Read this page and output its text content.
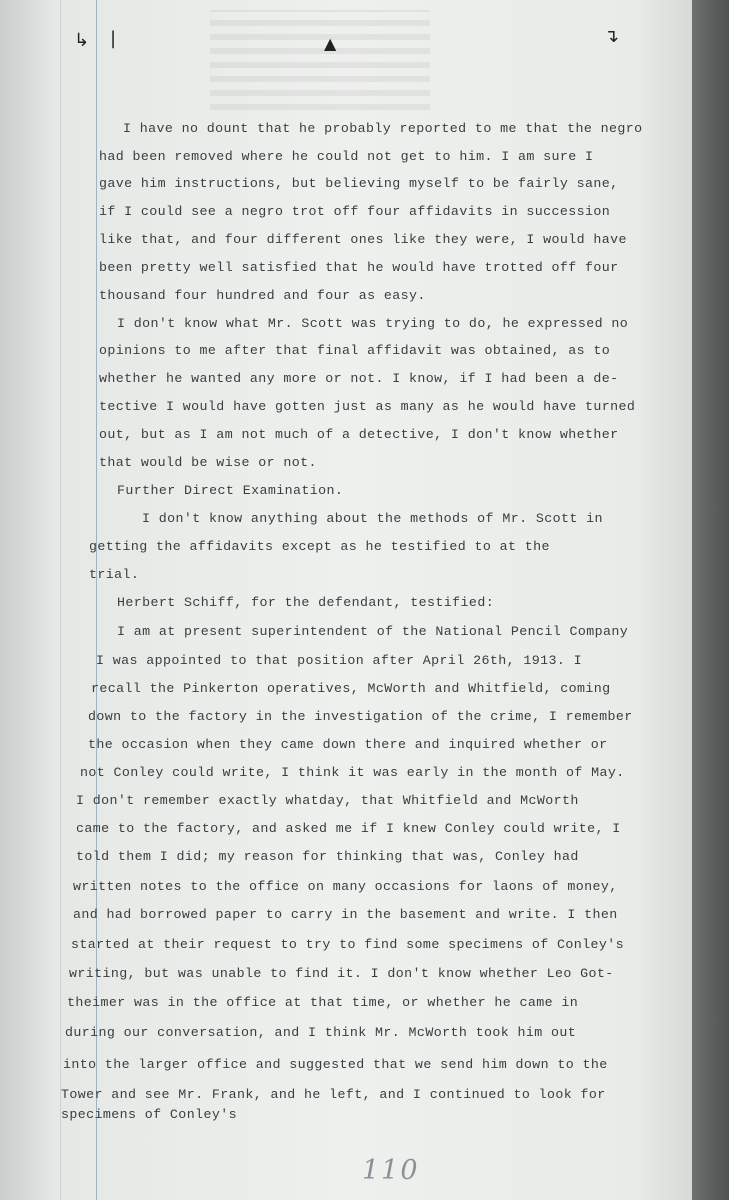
↳ |	▲	↴

I have no dount that he probably reported to me that the negro

had been removed where he could not get to him. I am sure I

gave him instructions, but believing myself to be fairly sane,

if I could see a negro trot off four affidavits in succession

like that, and four different ones like they were, I would have

been pretty well satisfied that he would have trotted off four

thousand four hundred and four as easy.

I don't know what Mr. Scott was trying to do, he expressed no

opinions to me after that final affidavit was obtained, as to

whether he wanted any more or not. I know, if I had been a de-

tective I would have gotten just as many as he would have turned

out, but as I am not much of a detective, I don't know whether

that would be wise or not.

Further Direct Examination.

I don't know anything about the methods of Mr. Scott in

getting the affidavits except as he testified to at the

trial.

Herbert Schiff, for the defendant, testified:

I am at present superintendent of the National Pencil Company

I was appointed to that position after April 26th, 1913. I

recall the Pinkerton operatives, McWorth and Whitfield, coming

down to the factory in the investigation of the crime, I remember

the occasion when they came down there and inquired whether or

not Conley could write, I think it was early in the month of May.

I don't remember exactly whatday, that Whitfield and McWorth

came to the factory, and asked me if I knew Conley could write, I

told them I did; my reason for thinking that was, Conley had

written notes to the office on many occasions for laons of money,

and had borrowed paper to carry in the basement and write. I then

started at their request to try to find some specimens of Conley's

writing, but was unable to find it. I don't know whether Leo Got-

theimer was in the office at that time, or whether he came in

during our conversation, and I think Mr. McWorth took him out

into the larger office and suggested that we send him down to the

Tower and see Mr. Frank, and he left, and I continued to look for

specimens of Conley's

110
